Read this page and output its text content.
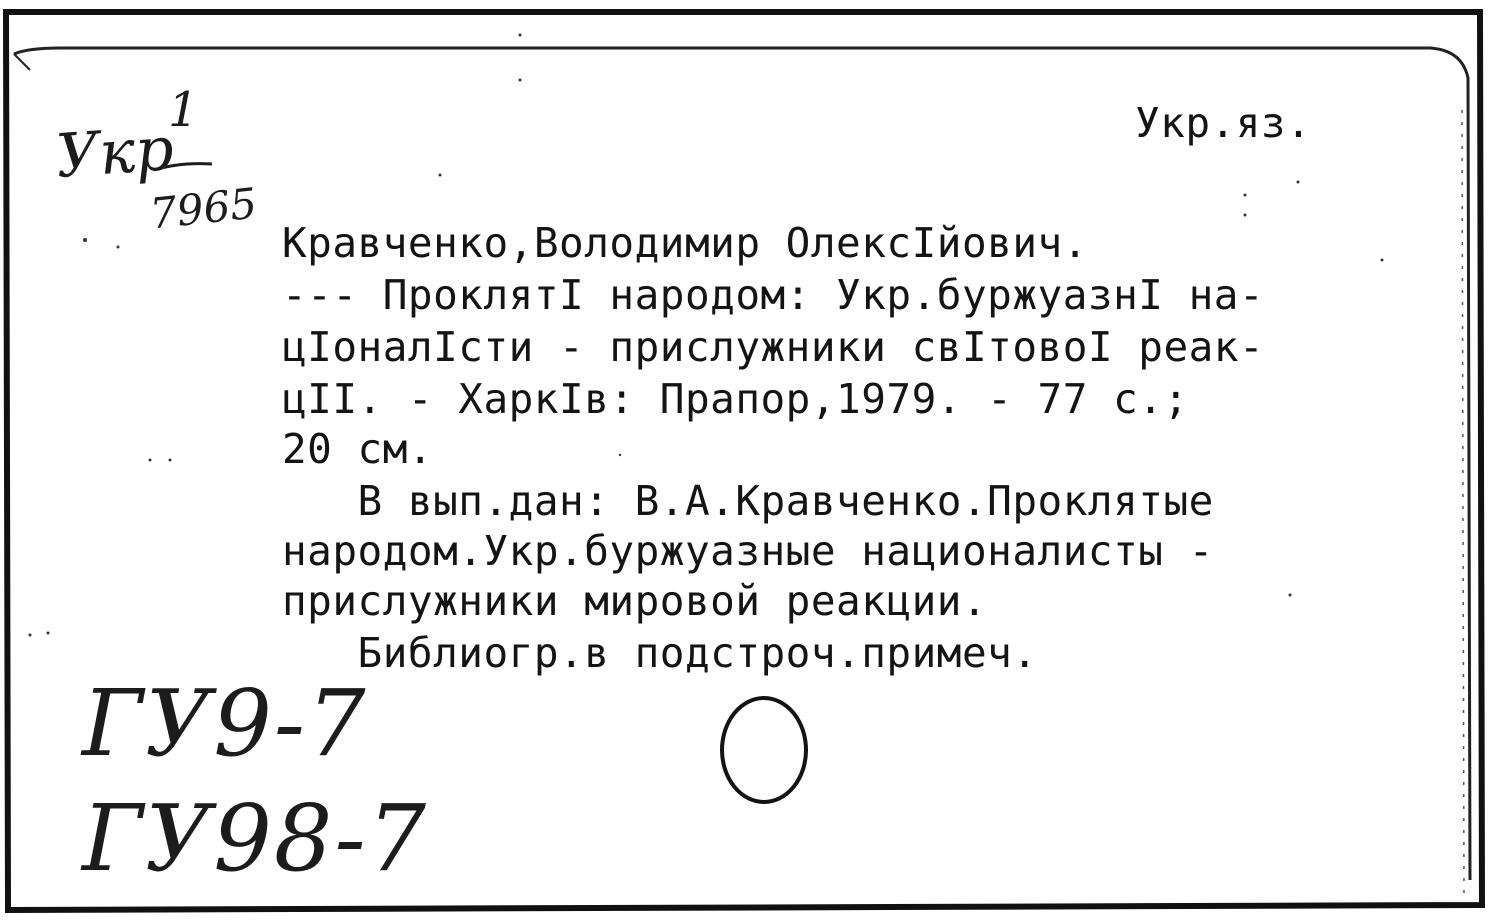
Укр.яз.
1
Укр
7965
Кравченко,Володимир ОлексIйович.
--- ПроклятI народом: Укр.буржуазнI на-
цIоналIсти - прислужники свIтовоI реак-
цII. - ХаркIв: Прапор,1979. - 77 с.;
20 см.
В вып.дан: В.А.Кравченко.Проклятые
народом.Укр.буржуазные националисты -
прислужники мировой реакции.
Библиогр.в подстроч.примеч.
ГУ9-7
ГУ98-7
